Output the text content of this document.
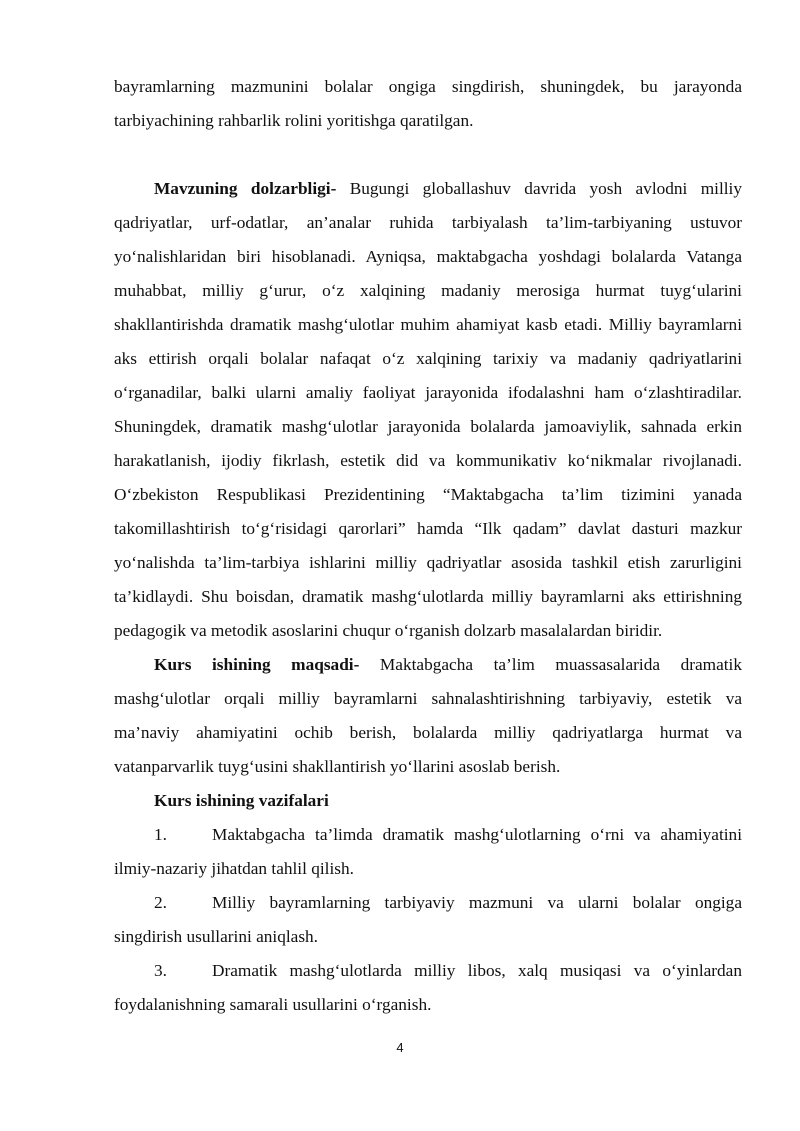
bayramlarning mazmunini bolalar ongiga singdirish, shuningdek, bu jarayonda tarbiyachining rahbarlik rolini yoritishga qaratilgan.

Mavzuning dolzarbligi- Bugungi globallashuv davrida yosh avlodni milliy qadriyatlar, urf-odatlar, an’analar ruhida tarbiyalash ta’lim-tarbiyaning ustuvor yo‘nalishlaridan biri hisoblanadi. Ayniqsa, maktabgacha yoshdagi bolalarda Vatanga muhabbat, milliy g‘urur, o‘z xalqining madaniy merosiga hurmat tuyg‘ularini shakllantirishda dramatik mashg‘ulotlar muhim ahamiyat kasb etadi. Milliy bayramlarni aks ettirish orqali bolalar nafaqat o‘z xalqining tarixiy va madaniy qadriyatlarini o‘rganadilar, balki ularni amaliy faoliyat jarayonida ifodalashni ham o‘zlashtiradilar. Shuningdek, dramatik mashg‘ulotlar jarayonida bolalarda jamoaviylik, sahnada erkin harakatlanish, ijodiy fikrlash, estetik did va kommunikativ ko‘nikmalar rivojlanadi. O‘zbekiston Respublikasi Prezidentining “Maktabgacha ta’lim tizimini yanada takomillashtirish to‘g‘risidagi qarorlari” hamda “Ilk qadam” davlat dasturi mazkur yo‘nalishda ta’lim-tarbiya ishlarini milliy qadriyatlar asosida tashkil etish zarurligini ta’kidlaydi. Shu boisdan, dramatik mashg‘ulotlarda milliy bayramlarni aks ettirishning pedagogik va metodik asoslarini chuqur o‘rganish dolzarb masalalardan biridir.

Kurs ishining maqsadi- Maktabgacha ta’lim muassasalarida dramatik mashg‘ulotlar orqali milliy bayramlarni sahnalashtirishning tarbiyaviy, estetik va ma’naviy ahamiyatini ochib berish, bolalarda milliy qadriyatlarga hurmat va vatanparvarlik tuyg‘usini shakllantirish yo‘llarini asoslab berish.

Kurs ishining vazifalari

1.	Maktabgacha ta’limda dramatik mashg‘ulotlarning o‘rni va ahamiyatini ilmiy-nazariy jihatdan tahlil qilish.

2.	Milliy bayramlarning tarbiyaviy mazmuni va ularni bolalar ongiga singdirish usullarini aniqlash.

3.	Dramatik mashg‘ulotlarda milliy libos, xalq musiqasi va o‘yinlardan foydalanishning samarali usullarini o‘rganish.

4
